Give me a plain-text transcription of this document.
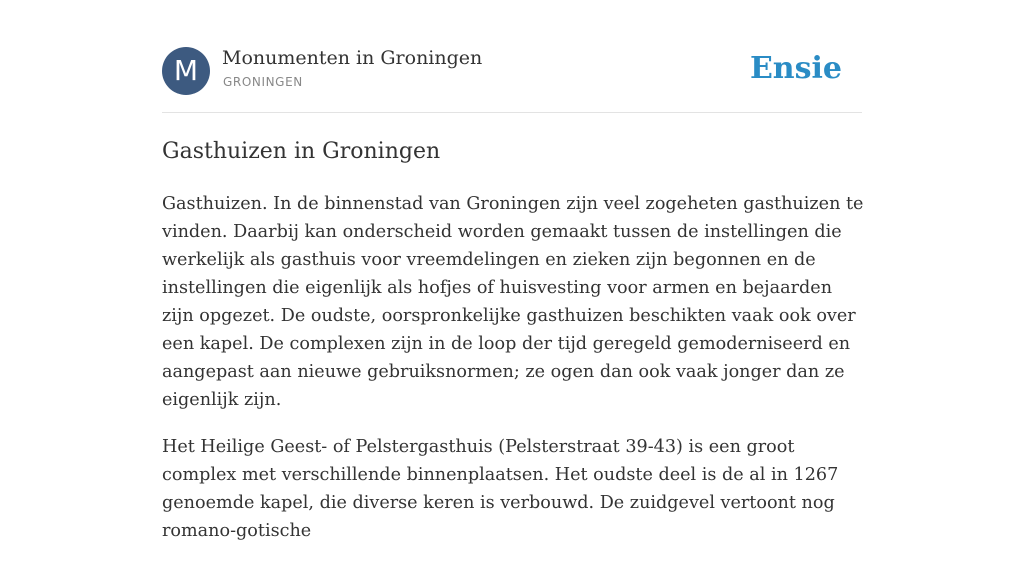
M	Monumenten in Groningen
GRONINGEN	Ensie
Gasthuizen in Groningen

Gasthuizen. In de binnenstad van Groningen zijn veel zogeheten gasthuizen te vinden. Daarbij kan onderscheid worden gemaakt tussen de instellingen die werkelijk als gasthuis voor vreemdelingen en zieken zijn begonnen en de instellingen die eigenlijk als hofjes of huisvesting voor armen en bejaarden zijn opgezet. De oudste, oorspronkelijke gasthuizen beschikten vaak ook over een kapel. De complexen zijn in de loop der tijd geregeld gemoderniseerd en aangepast aan nieuwe gebruiksnormen; ze ogen dan ook vaak jonger dan ze eigenlijk zijn.

Het Heilige Geest- of Pelstergasthuis (Pelsterstraat 39-43) is een groot complex met verschillende binnenplaatsen. Het oudste deel is de al in 1267 genoemde kapel, die diverse keren is verbouwd. De zuidgevel vertoont nog romano-gotische
